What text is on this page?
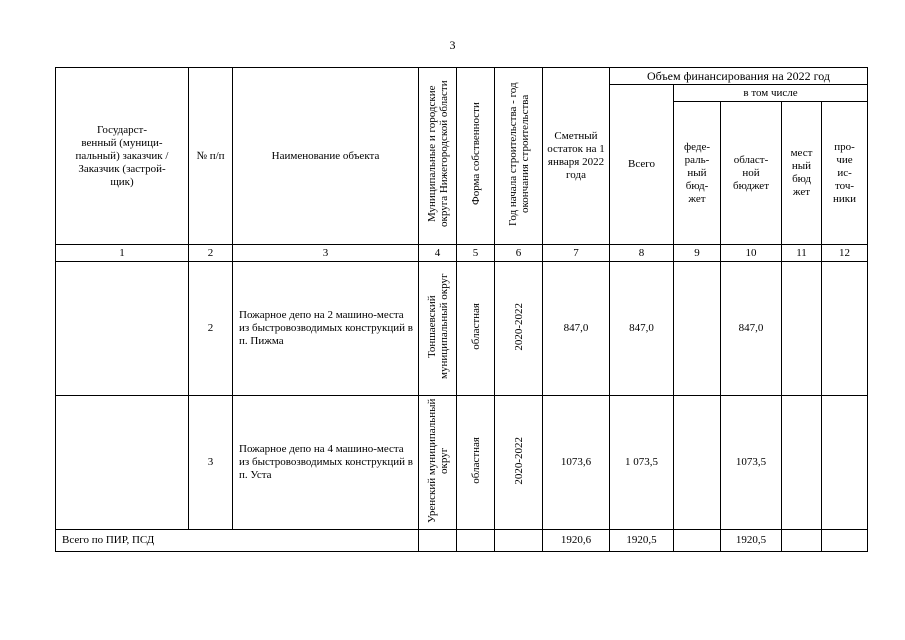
3
Государст-
венный (муници-
пальный) заказчик /
Заказчик (застрой-
щик)	№ п/п	Наименование объекта	Муниципальные и городские округа Нижегородской области	Форма собственности	Год начала строительства - год окончания строительства	Сметный остаток на 1 января 2022 года	Объем финансирования на 2022 год				
							Всего	в том числе			
								феде-
раль-
ный
бюд-
жет	област-
ной
бюджет	мест
ный
бюд
жет	про-
чие
ис-
точ-
ники
1	2	3	4	5	6	7	8	9	10	11	12
	2	Пожарное депо на 2 машино-места из быстровозводимых конструкций в п. Пижма	Тоншаевский муниципальный округ	областная	2020-2022	847,0	847,0		847,0		
	3	Пожарное депо на 4 машино-места из быстровозводимых конструкций в п. Уста	Уренский муниципальный округ	областная	2020-2022	1073,6	1 073,5		1073,5		
Всего по ПИР, ПСД						1920,6	1920,5		1920,5		
